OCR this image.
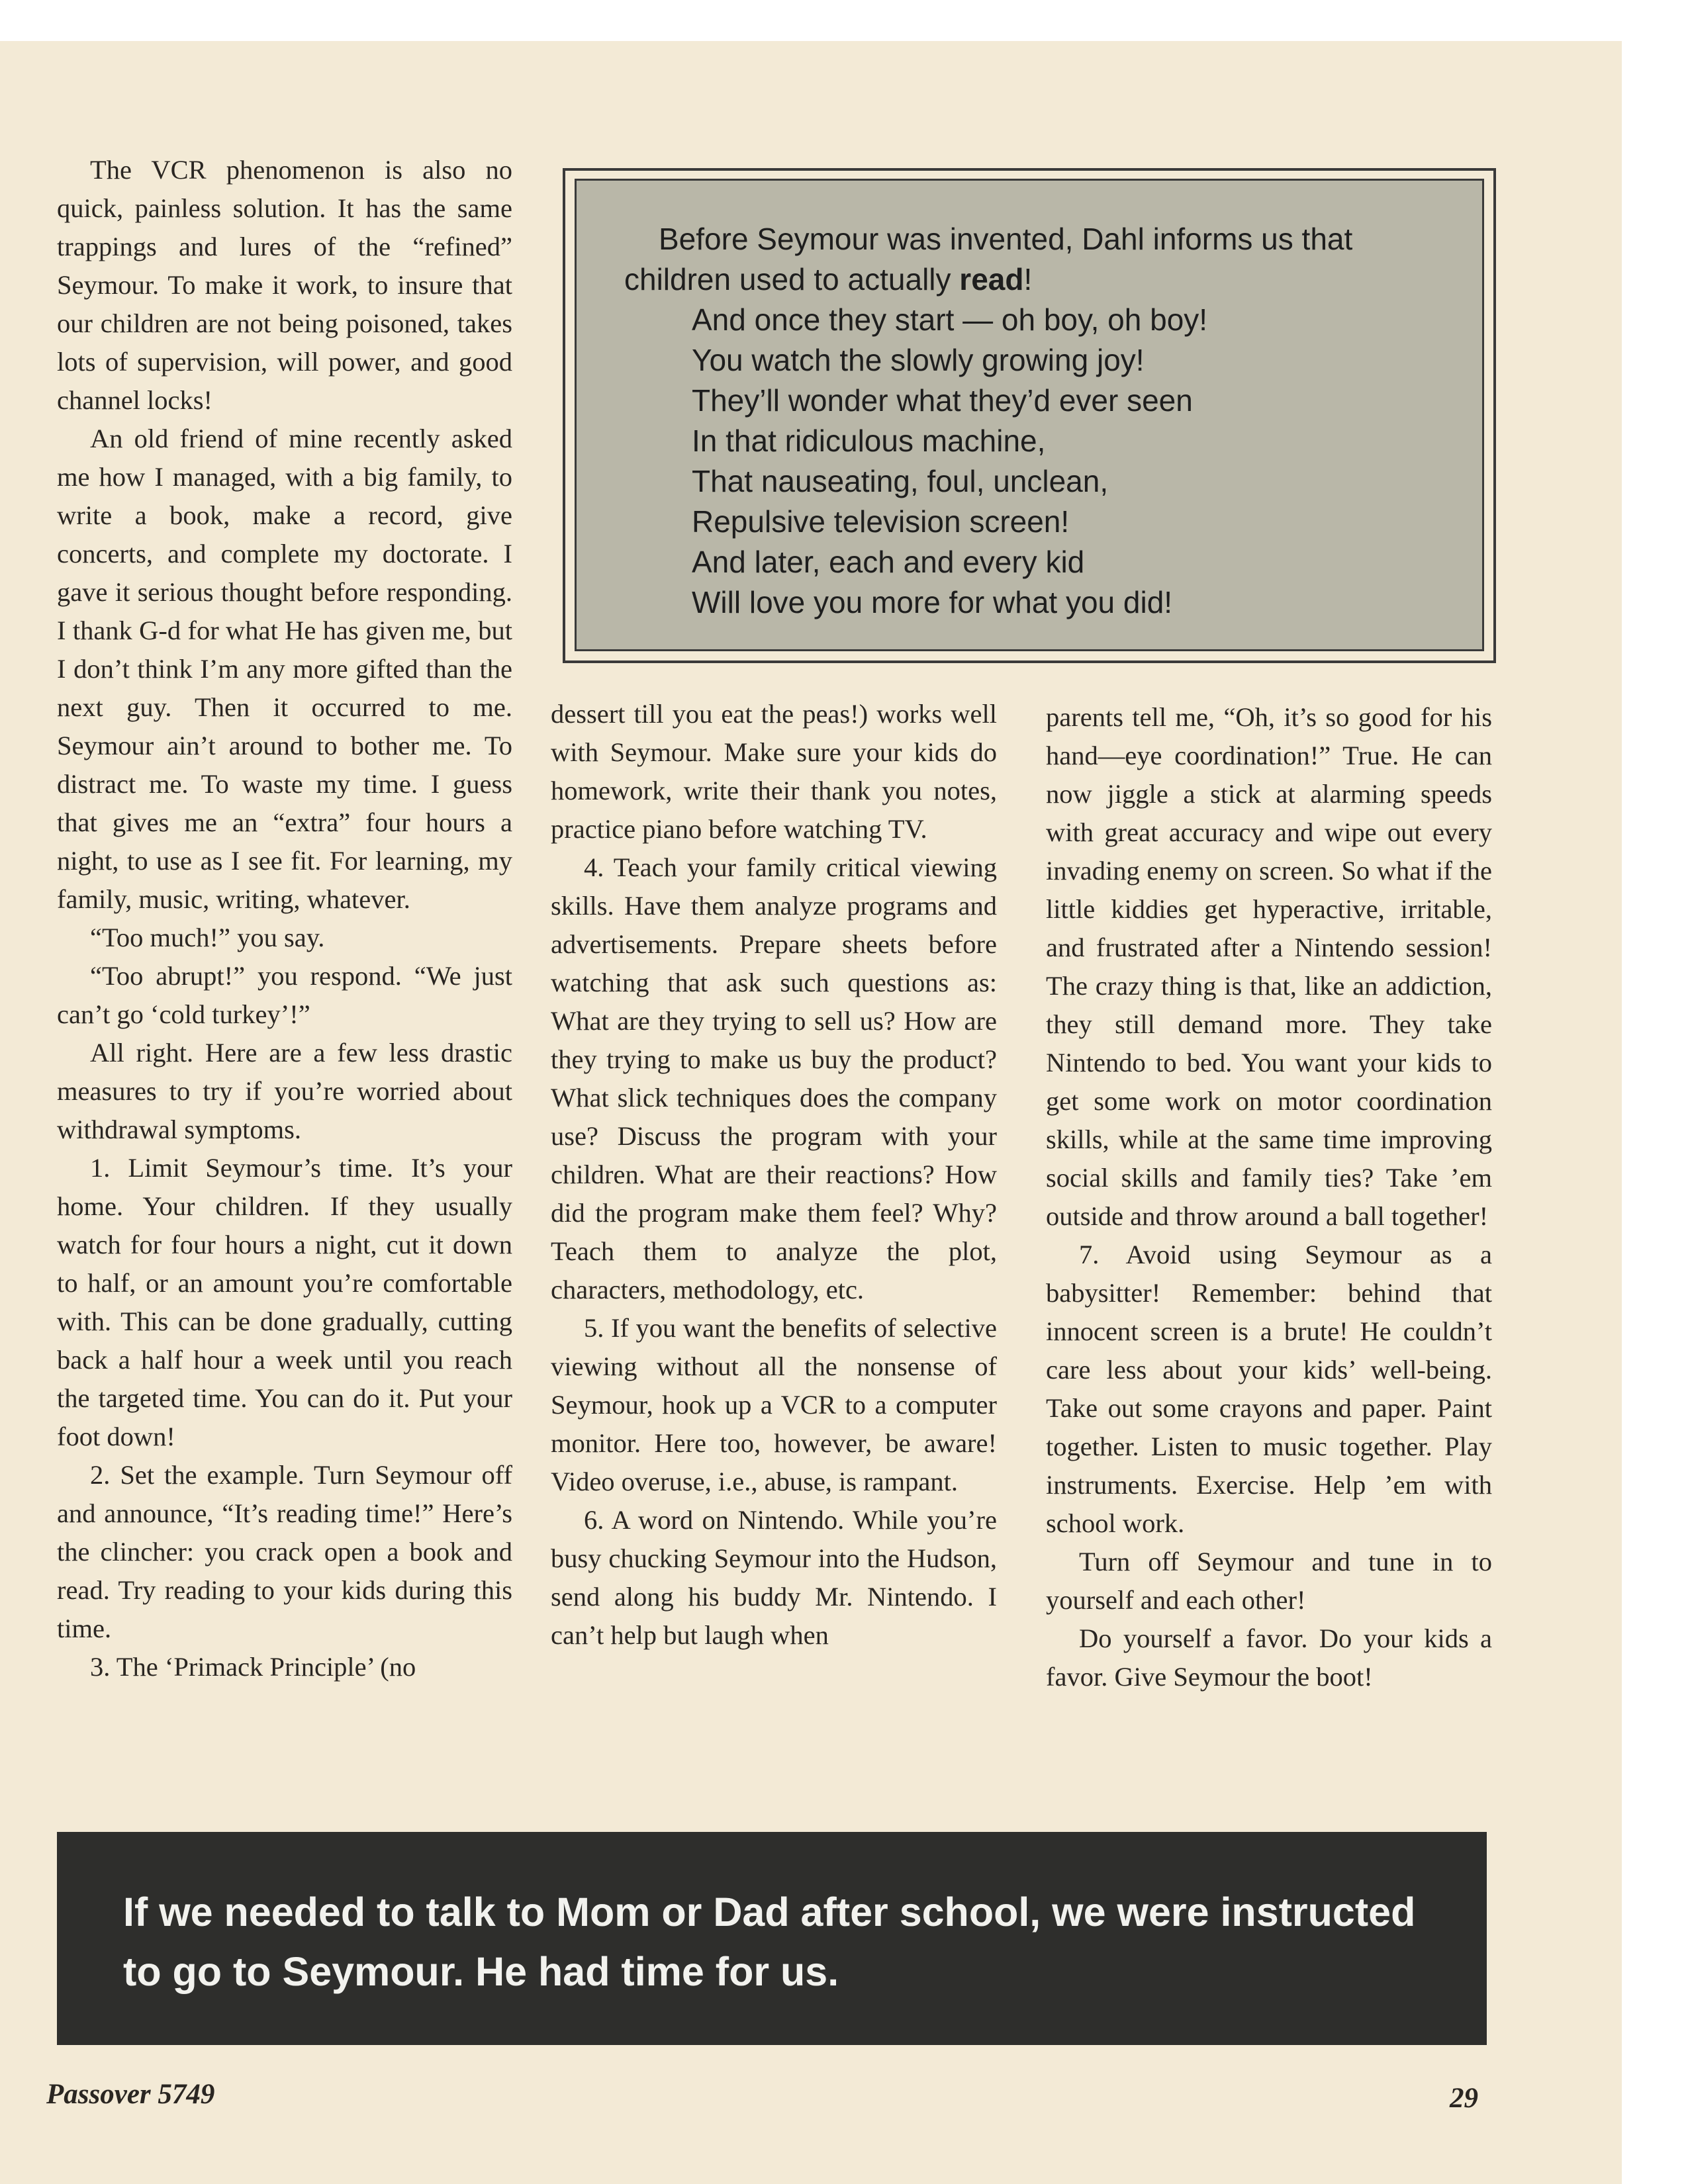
The VCR phenomenon is also no quick, painless solution. It has the same trappings and lures of the “refined” Seymour. To make it work, to insure that our children are not being poisoned, takes lots of supervision, will power, and good channel locks!

An old friend of mine recently asked me how I managed, with a big family, to write a book, make a record, give concerts, and complete my doctorate. I gave it serious thought before responding. I thank G-d for what He has given me, but I don’t think I’m any more gifted than the next guy. Then it occurred to me. Seymour ain’t around to bother me. To distract me. To waste my time. I guess that gives me an “extra” four hours a night, to use as I see fit. For learning, my family, music, writing, whatever.

“Too much!” you say.

“Too abrupt!” you respond. “We just can’t go ‘cold turkey’!”

All right. Here are a few less drastic measures to try if you’re worried about withdrawal symptoms.

1. Limit Seymour’s time. It’s your home. Your children. If they usually watch for four hours a night, cut it down to half, or an amount you’re comfortable with. This can be done gradually, cutting back a half hour a week until you reach the targeted time. You can do it. Put your foot down!

2. Set the example. Turn Seymour off and announce, “It’s reading time!” Here’s the clincher: you crack open a book and read. Try reading to your kids during this time.

3. The ‘Primack Principle’ (no

Before Seymour was invented, Dahl informs us that children used to actually read!

And once they start — oh boy, oh boy!

You watch the slowly growing joy!

They’ll wonder what they’d ever seen

In that ridiculous machine,

That nauseating, foul, unclean,

Repulsive television screen!

And later, each and every kid

Will love you more for what you did!

dessert till you eat the peas!) works well with Seymour. Make sure your kids do homework, write their thank you notes, practice piano before watching TV.

4. Teach your family critical viewing skills. Have them analyze programs and advertisements. Prepare sheets before watching that ask such questions as: What are they trying to sell us? How are they trying to make us buy the product? What slick techniques does the company use? Discuss the program with your children. What are their reactions? How did the program make them feel? Why? Teach them to analyze the plot, characters, methodology, etc.

5. If you want the benefits of selective viewing without all the nonsense of Seymour, hook up a VCR to a computer monitor. Here too, however, be aware! Video overuse, i.e., abuse, is rampant.

6. A word on Nintendo. While you’re busy chucking Seymour into the Hudson, send along his buddy Mr. Nintendo. I can’t help but laugh when

parents tell me, “Oh, it’s so good for his hand—eye coordination!” True. He can now jiggle a stick at alarming speeds with great accuracy and wipe out every invading enemy on screen. So what if the little kiddies get hyperactive, irritable, and frustrated after a Nintendo session! The crazy thing is that, like an addiction, they still demand more. They take Nintendo to bed. You want your kids to get some work on motor coordination skills, while at the same time improving social skills and family ties? Take ’em outside and throw around a ball together!

7. Avoid using Seymour as a babysitter! Remember: behind that innocent screen is a brute! He couldn’t care less about your kids’ well-being. Take out some crayons and paper. Paint together. Listen to music together. Play instruments. Exercise. Help ’em with school work.

Turn off Seymour and tune in to yourself and each other!

Do yourself a favor. Do your kids a favor. Give Seymour the boot!

If we needed to talk to Mom or Dad after school, we were instructed to go to Seymour. He had time for us.

Passover 5749	29
